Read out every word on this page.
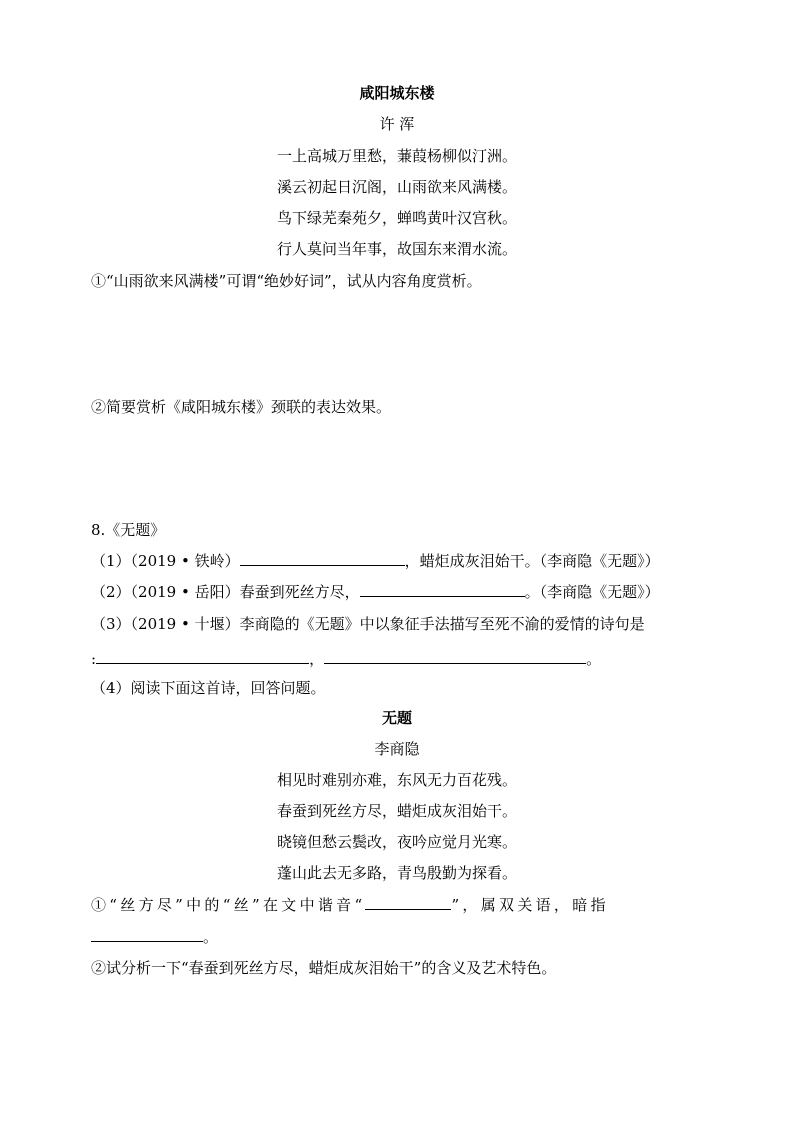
咸阳城东楼
许 浑
一上高城万里愁，蒹葭杨柳似汀洲。
溪云初起日沉阁，山雨欲来风满楼。
鸟下绿芜秦苑夕，蝉鸣黄叶汉宫秋。
行人莫问当年事，故国东来渭水流。
①“山雨欲来风满楼”可谓“绝妙好词”，试从内容角度赏析。
②简要赏析《咸阳城东楼》颈联的表达效果。
8.《无题》
（1）（2019 • 铁岭）	，蜡炬成灰泪始干。（李商隐《无题》）
（2）（2019 • 岳阳）春蚕到死丝方尽，	。（李商隐《无题》）
（3）（2019 • 十堰）李商隐的《无题》中以象征手法描写至死不渝的爱情的诗句是
:	，	。
（4）阅读下面这首诗，回答问题。
无题
李商隐
相见时难别亦难，东风无力百花残。
春蚕到死丝方尽，蜡炬成灰泪始干。
晓镜但愁云鬓改，夜吟应觉月光寒。
蓬山此去无多路，青鸟殷勤为探看。
①“丝方尽”中的“丝”在文中谐音“	”，属双关语，暗指
。
②试分析一下“春蚕到死丝方尽，蜡炬成灰泪始干”的含义及艺术特色。
